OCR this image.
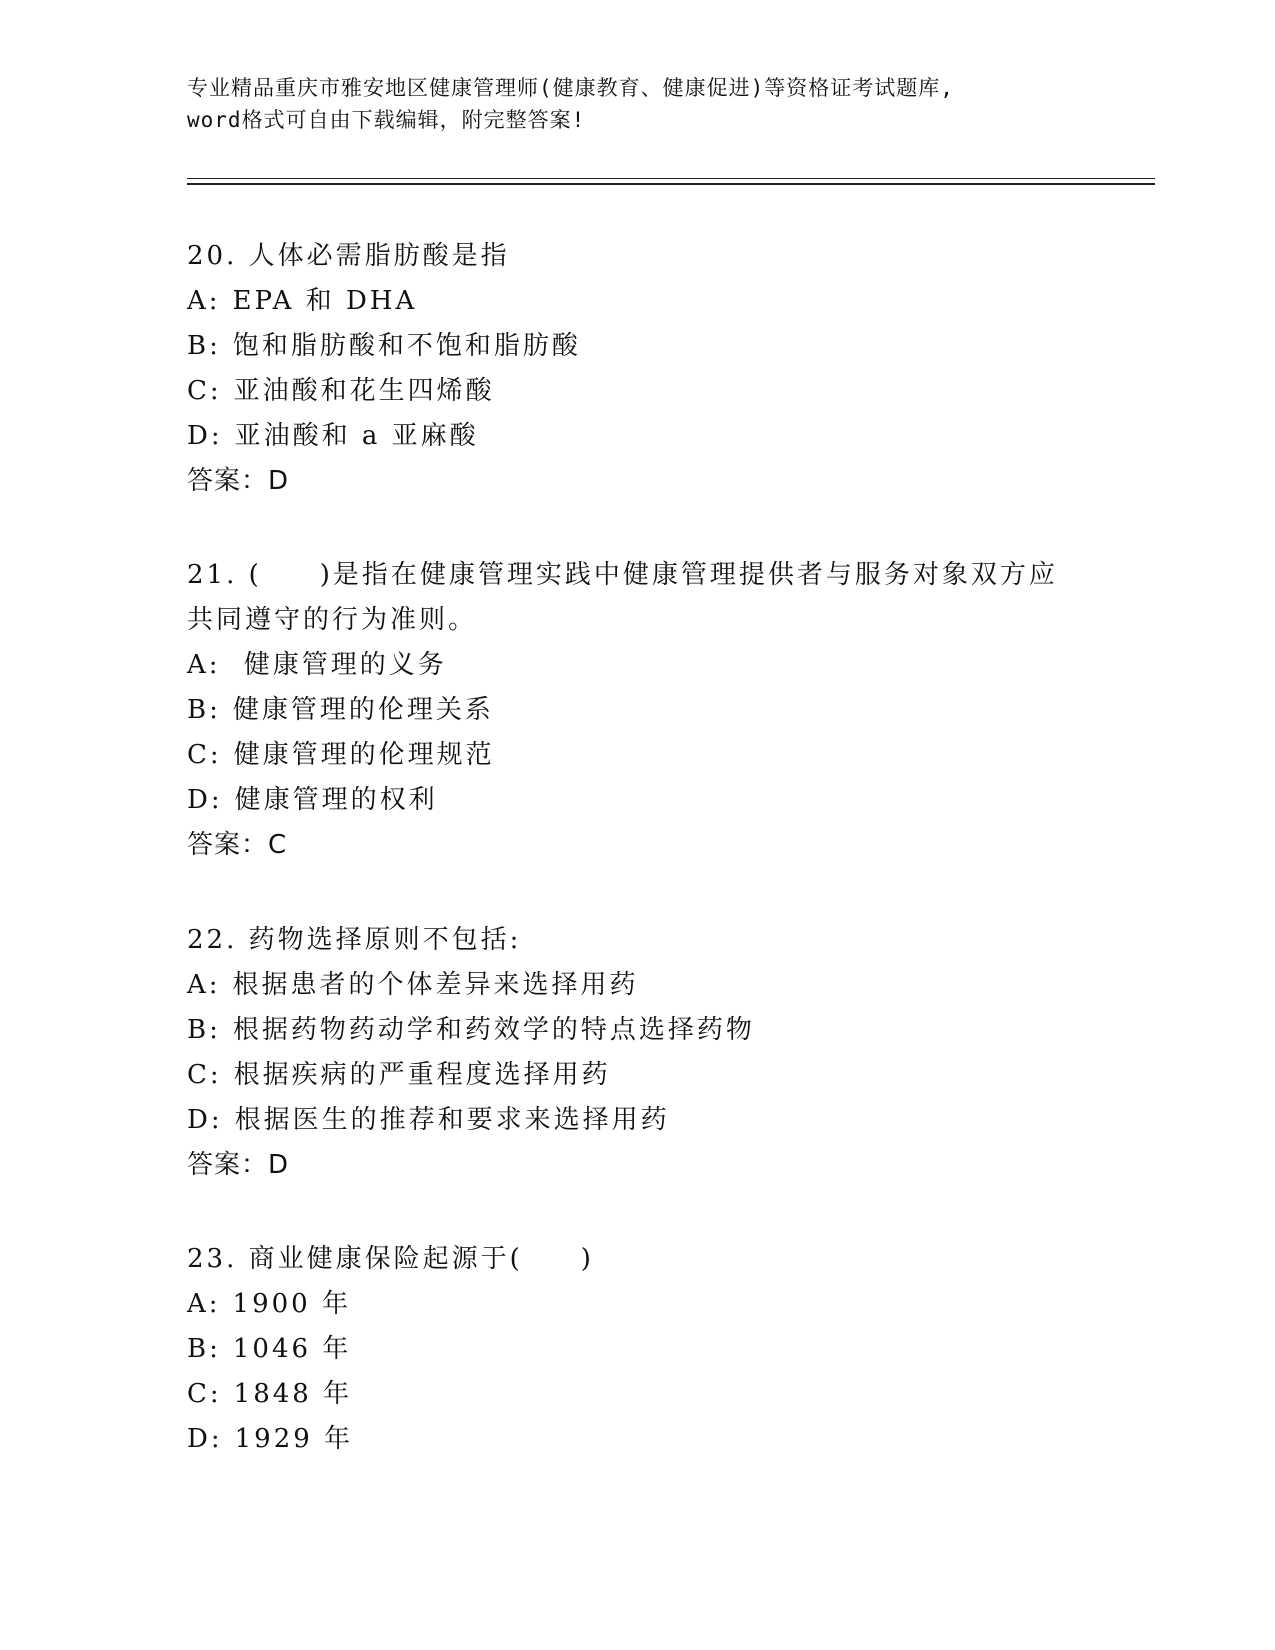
专业精品重庆市雅安地区健康管理师(健康教育、健康促进)等资格证考试题库,
word格式可自由下载编辑，附完整答案!
20. 人体必需脂肪酸是指
A: EPA 和 DHA
B: 饱和脂肪酸和不饱和脂肪酸
C: 亚油酸和花生四烯酸
D: 亚油酸和 a 亚麻酸
答案：D
21. (　　)是指在健康管理实践中健康管理提供者与服务对象双方应共同遵守的行为准则。
A: 健康管理的义务
B: 健康管理的伦理关系
C: 健康管理的伦理规范
D: 健康管理的权利
答案：C
22. 药物选择原则不包括:
A: 根据患者的个体差异来选择用药
B: 根据药物药动学和药效学的特点选择药物
C: 根据疾病的严重程度选择用药
D: 根据医生的推荐和要求来选择用药
答案：D
23. 商业健康保险起源于(　　)
A: 1900 年
B: 1046 年
C: 1848 年
D: 1929 年
